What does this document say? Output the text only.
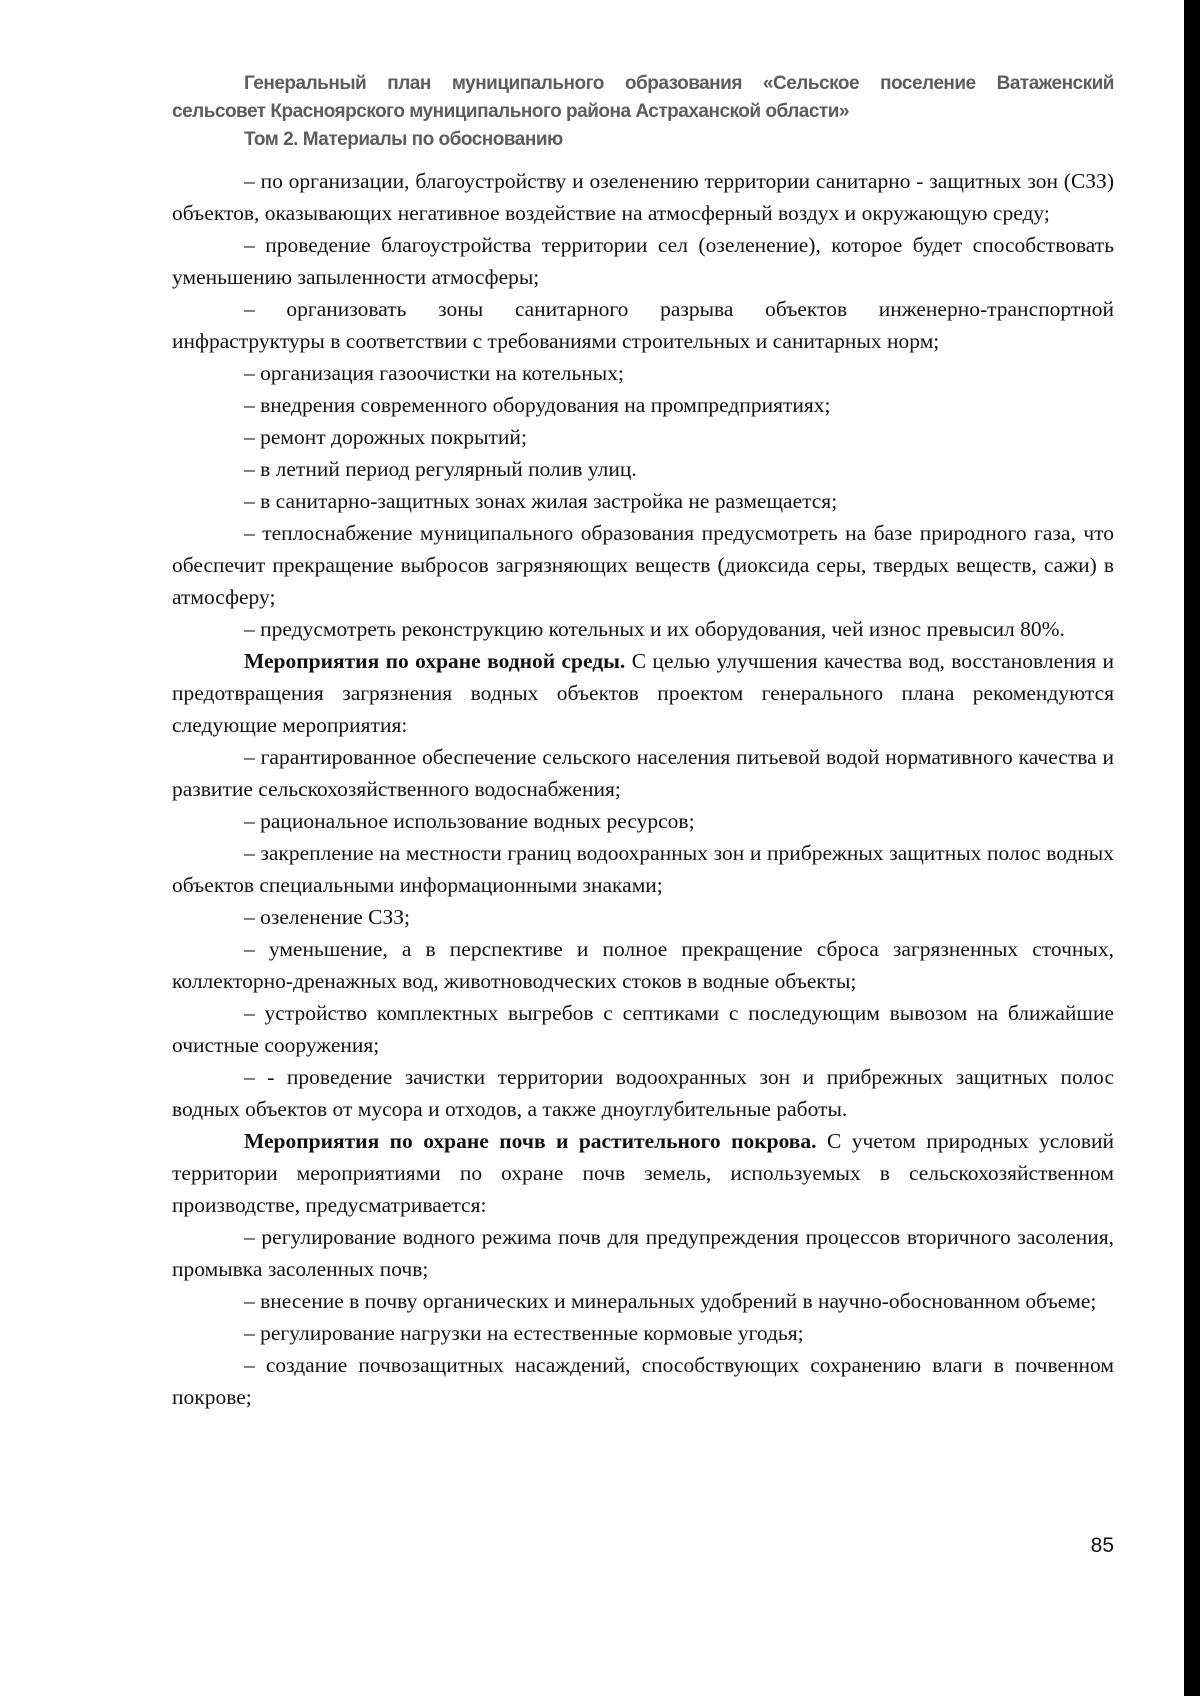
Генеральный план муниципального образования «Сельское поселение Ватаженский

сельсовет Красноярского муниципального района Астраханской области»

Том 2. Материалы по обоснованию

– по организации, благоустройству и озеленению территории санитарно - защитных зон (СЗЗ) объектов, оказывающих негативное воздействие на атмосферный воздух и окружающую среду;

– проведение благоустройства территории сел (озеленение), которое будет способствовать уменьшению запыленности атмосферы;

– организовать зоны санитарного разрыва объектов инженерно-транспортной инфраструктуры в соответствии с требованиями строительных и санитарных норм;

– организация газоочистки на котельных;

– внедрения современного оборудования на промпредприятиях;

– ремонт дорожных покрытий;

– в летний период регулярный полив улиц.

– в санитарно-защитных зонах жилая застройка не размещается;

– теплоснабжение муниципального образования предусмотреть на базе природного газа, что обеспечит прекращение выбросов загрязняющих веществ (диоксида серы, твердых веществ, сажи) в атмосферу;

– предусмотреть реконструкцию котельных и их оборудования, чей износ превысил 80%.

Мероприятия по охране водной среды. С целью улучшения качества вод, восстановления и предотвращения загрязнения водных объектов проектом генерального плана рекомендуются следующие мероприятия:

– гарантированное обеспечение сельского населения питьевой водой нормативного качества и развитие сельскохозяйственного водоснабжения;

– рациональное использование водных ресурсов;

– закрепление на местности границ водоохранных зон и прибрежных защитных полос водных объектов специальными информационными знаками;

– озеленение СЗЗ;

– уменьшение, а в перспективе и полное прекращение сброса загрязненных сточных, коллекторно-дренажных вод, животноводческих стоков в водные объекты;

– устройство комплектных выгребов с септиками с последующим вывозом на ближайшие очистные сооружения;

– - проведение зачистки территории водоохранных зон и прибрежных защитных полос водных объектов от мусора и отходов, а также дноуглубительные работы.

Мероприятия по охране почв и растительного покрова. С учетом природных условий территории мероприятиями по охране почв земель, используемых в сельскохозяйственном производстве, предусматривается:

– регулирование водного режима почв для предупреждения процессов вторичного засоления, промывка засоленных почв;

– внесение в почву органических и минеральных удобрений в научно-обоснованном объеме;

– регулирование нагрузки на естественные кормовые угодья;

– создание почвозащитных насаждений, способствующих сохранению влаги в почвенном покрове;

85
